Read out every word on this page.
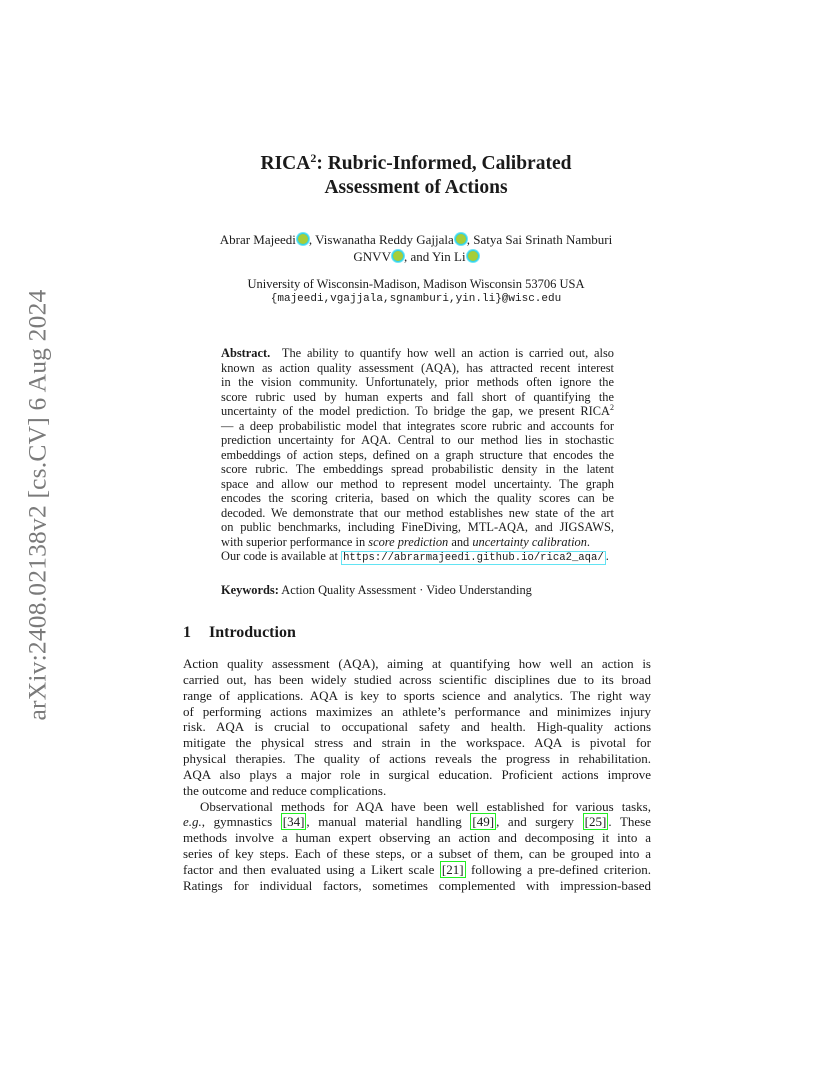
arXiv:2408.02138v2 [cs.CV] 6 Aug 2024
RICA$^2$: Rubric-Informed, Calibrated
Assessment of Actions
Abrar Majeedi , Viswanatha Reddy Gajjala , Satya Sai Srinath Namburi
GNVV , and Yin Li
University of Wisconsin-Madison, Madison Wisconsin 53706 USA
{majeedi,vgajjala,sgnamburi,yin.li}@wisc.edu
Abstract. The ability to quantify how well an action is carried out, also
known as action quality assessment (AQA), has attracted recent interest
in the vision community. Unfortunately, prior methods often ignore the
score rubric used by human experts and fall short of quantifying the
uncertainty of the model prediction. To bridge the gap, we present RICA$^2$
— a deep probabilistic model that integrates score rubric and accounts for
prediction uncertainty for AQA. Central to our method lies in stochastic
embeddings of action steps, defined on a graph structure that encodes the
score rubric. The embeddings spread probabilistic density in the latent
space and allow our method to represent model uncertainty. The graph
encodes the scoring criteria, based on which the quality scores can be
decoded. We demonstrate that our method establishes new state of the art
on public benchmarks, including FineDiving, MTL-AQA, and JIGSAWS,
with superior performance in score prediction and uncertainty calibration.
Our code is available at https://abrarmajeedi.github.io/rica2_aqa/ .
Keywords: Action Quality Assessment · Video Understanding
1 Introduction
Action quality assessment (AQA), aiming at quantifying how well an action is
carried out, has been widely studied across scientific disciplines due to its broad
range of applications. AQA is key to sports science and analytics. The right way
of performing actions maximizes an athlete’s performance and minimizes injury
risk. AQA is crucial to occupational safety and health. High-quality actions
mitigate the physical stress and strain in the workspace. AQA is pivotal for
physical therapies. The quality of actions reveals the progress in rehabilitation.
AQA also plays a major role in surgical education. Proficient actions improve
the outcome and reduce complications.
Observational methods for AQA have been well established for various tasks,
e.g., gymnastics [34] , manual material handling [49] , and surgery [25] . These
methods involve a human expert observing an action and decomposing it into a
series of key steps. Each of these steps, or a subset of them, can be grouped into a
factor and then evaluated using a Likert scale [21] following a pre-defined criterion.
Ratings for individual factors, sometimes complemented with impression-based
